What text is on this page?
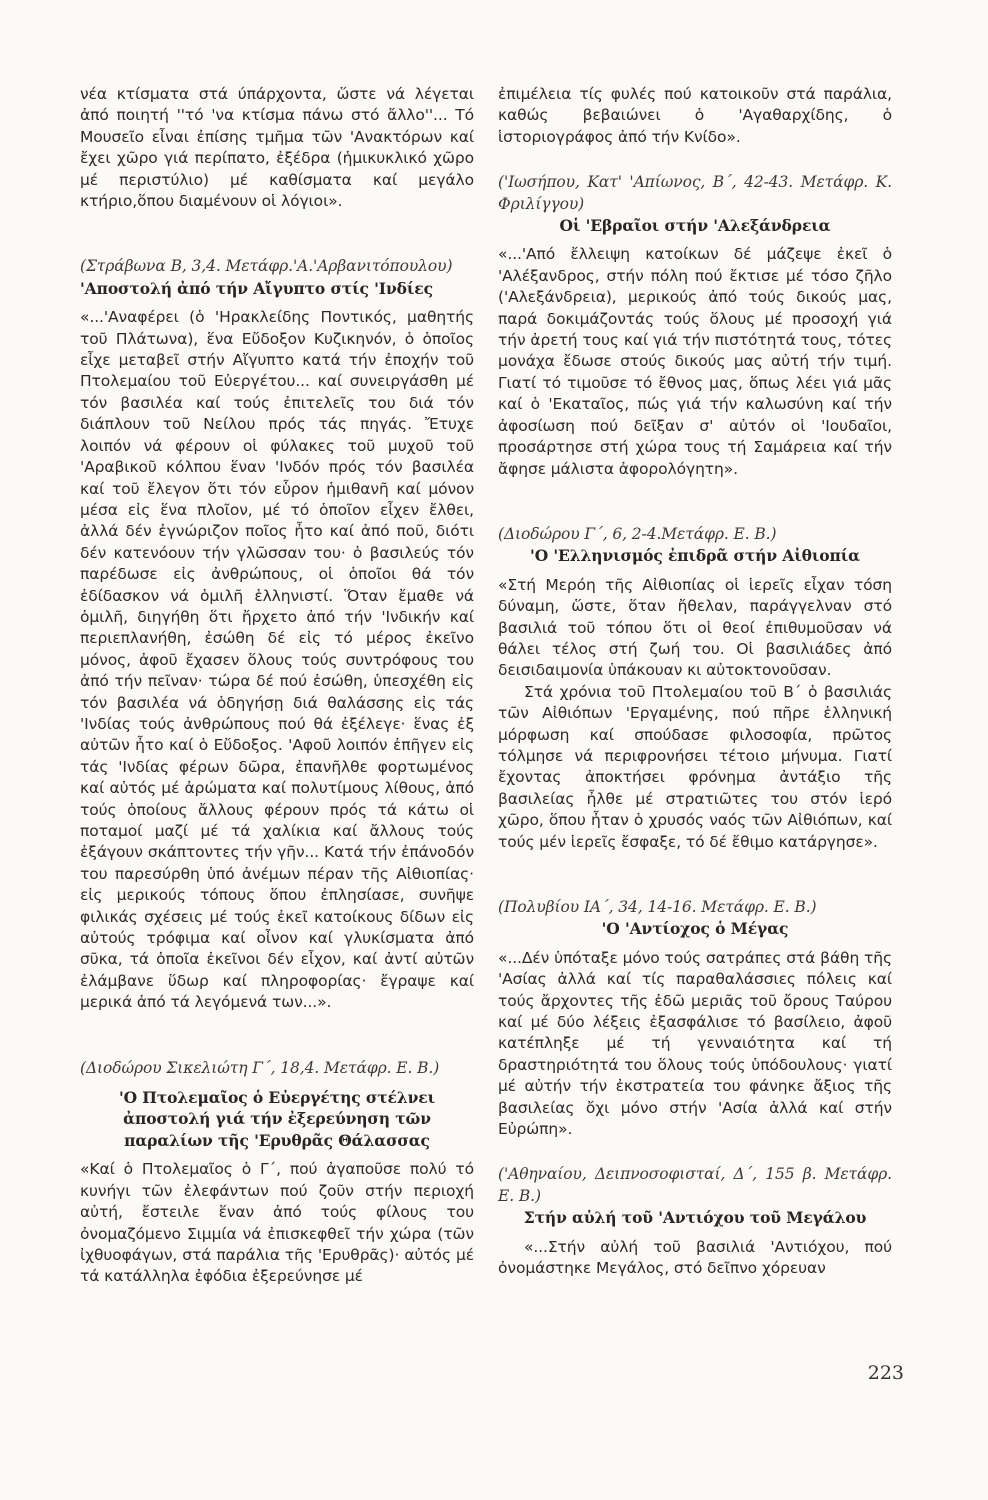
νέα κτίσματα στά ύπάρχοντα, ὥστε νά λέγεται ἀπό ποιητή ''τό 'να κτίσμα πάνω στό ἄλλο''... Τό Μουσεῖο εἶναι ἐπίσης τμῆμα τῶν 'Ανακτόρων καί ἔχει χῶρο γιά περίπατο, ἐξέδρα (ἡμικυκλικό χῶρο μέ περιστύλιο) μέ καθίσματα καί μεγάλο κτήριο,ὅπου διαμένουν οἱ λόγιοι».

(Στράβωνα Β, 3,4. Μετάφρ.'Α.'Αρβανιτόπουλου)

'Αποστολή ἀπό τήν Αἴγυπτο στίς 'Ινδίες

«...'Αναφέρει (ὁ 'Ηρακλείδης Ποντικός, μαθητής τοῦ Πλάτωνα), ἕνα Εὔδοξον Κυζικηνόν, ὁ ὁποῖος εἶχε μεταβεῖ στήν Αἴγυπτο κατά τήν ἐποχήν τοῦ Πτολεμαίου τοῦ Εὐεργέτου... καί συνειργάσθη μέ τόν βασιλέα καί τούς ἐπιτελεῖς του διά τόν διάπλουν τοῦ Νείλου πρός τάς πηγάς. Ἔτυχε λοιπόν νά φέρουν οἱ φύλακες τοῦ μυχοῦ τοῦ 'Αραβικοῦ κόλπου ἕναν 'Ινδόν πρός τόν βασιλέα καί τοῦ ἔλεγον ὅτι τόν εὗρον ἡμιθανῆ καί μόνον μέσα εἰς ἕνα πλοῖον, μέ τό ὁποῖον εἶχεν ἔλθει, ἀλλά δέν ἐγνώριζον ποῖος ἦτο καί ἀπό ποῦ, διότι δέν κατενόουν τήν γλῶσσαν του· ὁ βασιλεύς τόν παρέδωσε εἰς ἀνθρώπους, οἱ ὁποῖοι θά τόν ἐδίδασκον νά ὁμιλῆ ἑλληνιστί. Ὅταν ἔμαθε νά ὁμιλῆ, διηγήθη ὅτι ἤρχετο ἀπό τήν 'Ινδικήν καί περιεπλανήθη, ἐσώθη δέ εἰς τό μέρος ἐκεῖνο μόνος, ἀφοῦ ἔχασεν ὅλους τούς συντρόφους του ἀπό τήν πεῖναν· τώρα δέ πού ἐσώθη, ὑπεσχέθη εἰς τόν βασιλέα νά ὁδηγήσῃ διά θαλάσσης εἰς τάς 'Ινδίας τούς ἀνθρώπους πού θά ἐξέλεγε· ἕνας ἐξ αὐτῶν ἦτο καί ὁ Εὔδοξος. 'Αφοῦ λοιπόν ἐπῆγεν εἰς τάς 'Ινδίας φέρων δῶρα, ἐπανῆλθε φορτωμένος καί αὐτός μέ ἀρώματα καί πολυτίμους λίθους, ἀπό τούς ὁποίους ἄλλους φέρουν πρός τά κάτω οἱ ποταμοί μαζί μέ τά χαλίκια καί ἄλλους τούς ἐξάγουν σκάπτοντες τήν γῆν... Κατά τήν ἐπάνοδόν του παρεσύρθη ὑπό ἀνέμων πέραν τῆς Αἰθιοπίας· εἰς μερικούς τόπους ὅπου ἐπλησίασε, συνῆψε φιλικάς σχέσεις μέ τούς ἐκεῖ κατοίκους δίδων εἰς αὐτούς τρόφιμα καί οἶνον καί γλυκίσματα ἀπό σῦκα, τά ὁποῖα ἐκεῖνοι δέν εἶχον, καί ἀντί αὐτῶν ἐλάμβανε ὕδωρ καί πληροφορίας· ἔγραψε καί μερικά ἀπό τά λεγόμενά των...».

(Διοδώρου Σικελιώτη Γ΄, 18,4. Μετάφρ. Ε. Β.)

'Ο Πτολεμαῖος ὁ Εὐεργέτης στέλνει ἀποστολή γιά τήν ἐξερεύνηση τῶν παραλίων τῆς 'Ερυθρᾶς Θάλασσας

«Καί ὁ Πτολεμαῖος ὁ Γ΄, πού ἀγαποῦσε πολύ τό κυνήγι τῶν ἐλεφάντων πού ζοῦν στήν περιοχή αὐτή, ἔστειλε ἕναν ἀπό τούς φίλους του ὀνομαζόμενο Σιμμία νά ἐπισκεφθεῖ τήν χώρα (τῶν ἰχθυοφάγων, στά παράλια τῆς 'Ερυθρᾶς)· αὐτός μέ τά κατάλληλα ἐφόδια ἐξερεύνησε μέ

ἐπιμέλεια τίς φυλές πού κατοικοῦν στά παράλια, καθώς βεβαιώνει ὁ 'Αγαθαρχίδης, ὁ ἱστοριογράφος ἀπό τήν Κνίδο».

('Ιωσήπου, Κατ' 'Απίωνος, Β΄, 42-43. Μετάφρ. Κ. Φριλίγγου)

Οἱ 'Εβραῖοι στήν 'Αλεξάνδρεια

«...'Από ἔλλειψη κατοίκων δέ μάζεψε ἐκεῖ ὁ 'Αλέξανδρος, στήν πόλη πού ἔκτισε μέ τόσο ζῆλο ('Αλεξάνδρεια), μερικούς ἀπό τούς δικούς μας, παρά δοκιμάζοντάς τούς ὅλους μέ προσοχή γιά τήν ἀρετή τους καί γιά τήν πιστότητά τους, τότες μονάχα ἔδωσε στούς δικούς μας αὐτή τήν τιμή. Γιατί τό τιμοῦσε τό ἔθνος μας, ὅπως λέει γιά μᾶς καί ὁ 'Εκαταῖος, πώς γιά τήν καλωσύνη καί τήν ἀφοσίωση πού δεῖξαν σ' αὐτόν οἱ 'Ιουδαῖοι, προσάρτησε στή χώρα τους τή Σαμάρεια καί τήν ἄφησε μάλιστα ἀφορολόγητη».

(Διοδώρου Γ΄, 6, 2-4.Μετάφρ. Ε. Β.)

'Ο 'Ελληνισμός ἐπιδρᾶ στήν Αἰθιοπία

«Στή Μερόη τῆς Αἰθιοπίας οἱ ἱερεῖς εἶχαν τόση δύναμη, ὥστε, ὅταν ἤθελαν, παράγγελναν στό βασιλιά τοῦ τόπου ὅτι οἱ θεοί ἐπιθυμοῦσαν νά θάλει τέλος στή ζωή του. Οἱ βασιλιάδες ἀπό δεισιδαιμονία ὑπάκουαν κι αὐτοκτονοῦσαν.

Στά χρόνια τοῦ Πτολεμαίου τοῦ Β΄ ὁ βασιλιάς τῶν Αἰθιόπων 'Εργαμένης, πού πῆρε ἑλληνική μόρφωση καί σπούδασε φιλοσοφία, πρῶτος τόλμησε νά περιφρονήσει τέτοιο μήνυμα. Γιατί ἔχοντας ἀποκτήσει φρόνημα ἀντάξιο τῆς βασιλείας ἦλθε μέ στρατιῶτες του στόν ἱερό χῶρο, ὅπου ἦταν ὁ χρυσός ναός τῶν Αἰθιόπων, καί τούς μέν ἱερεῖς ἔσφαξε, τό δέ ἔθιμο κατάργησε».

(Πολυβίου ΙΑ΄, 34, 14-16. Μετάφρ. Ε. Β.)

'Ο 'Αντίοχος ὁ Μέγας

«...Δέν ὑπόταξε μόνο τούς σατράπες στά βάθη τῆς 'Ασίας ἀλλά καί τίς παραθαλάσσιες πόλεις καί τούς ἄρχοντες τῆς ἐδῶ μεριᾶς τοῦ ὄρους Ταύρου καί μέ δύο λέξεις ἐξασφάλισε τό βασίλειο, ἀφοῦ κατέπληξε μέ τή γενναιότητα καί τή δραστηριότητά του ὅλους τούς ὑπόδουλους· γιατί μέ αὐτήν τήν ἐκστρατεία του φάνηκε ἄξιος τῆς βασιλείας ὄχι μόνο στήν 'Ασία ἀλλά καί στήν Εὐρώπη».

('Αθηναίου, Δειπνοσοφισταί, Δ΄, 155 β. Μετάφρ. Ε. Β.)

Στήν αὐλή τοῦ 'Αντιόχου τοῦ Μεγάλου

«...Στήν αὐλή τοῦ βασιλιά 'Αντιόχου, πού ὀνομάστηκε Μεγάλος, στό δεῖπνο χόρευαν

223
